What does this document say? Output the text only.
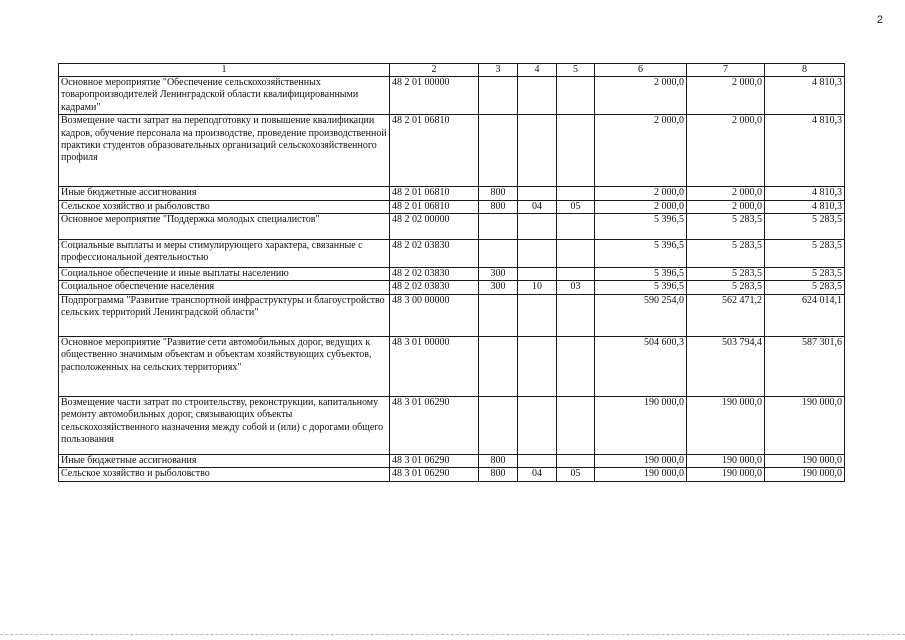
2
1	2	3	4	5	6	7	8
Основное мероприятие "Обеспечение сельскохозяйственных товаропроизводителей Ленинградской области квалифицированными кадрами"	48 2 01 00000				2 000,0	2 000,0	4 810,3
Возмещение части затрат на переподготовку и повышение квалификации кадров, обучение персонала на производстве, проведение производственной практики студентов образовательных организаций сельскохозяйственного профиля	48 2 01 06810				2 000,0	2 000,0	4 810,3
Иные бюджетные ассигнования	48 2 01 06810	800			2 000,0	2 000,0	4 810,3
Сельское хозяйство и рыболовство	48 2 01 06810	800	04	05	2 000,0	2 000,0	4 810,3
Основное мероприятие "Поддержка молодых специалистов"	48 2 02 00000				5 396,5	5 283,5	5 283,5
Социальные выплаты и меры стимулирующего характера, связанные с профессиональной деятельностью	48 2 02 03830				5 396,5	5 283,5	5 283,5
Социальное обеспечение и иные выплаты населению	48 2 02 03830	300			5 396,5	5 283,5	5 283,5
Социальное обеспечение населения	48 2 02 03830	300	10	03	5 396,5	5 283,5	5 283,5
Подпрограмма "Развитие транспортной инфраструктуры и благоустройство сельских территорий Ленинградской области"	48 3 00 00000				590 254,0	562 471,2	624 014,1
Основное мероприятие "Развитие сети автомобильных дорог, ведущих к общественно значимым объектам и объектам хозяйствующих субъектов, расположенных на сельских территориях"	48 3 01 00000				504 600,3	503 794,4	587 301,6
Возмещение части затрат по строительству, реконструкции, капитальному ремонту автомобильных дорог, связывающих объекты сельскохозяйственного назначения между собой и (или) с дорогами общего пользования	48 3 01 06290				190 000,0	190 000,0	190 000,0
Иные бюджетные ассигнования	48 3 01 06290	800			190 000,0	190 000,0	190 000,0
Сельское хозяйство и рыболовство	48 3 01 06290	800	04	05	190 000,0	190 000,0	190 000,0
